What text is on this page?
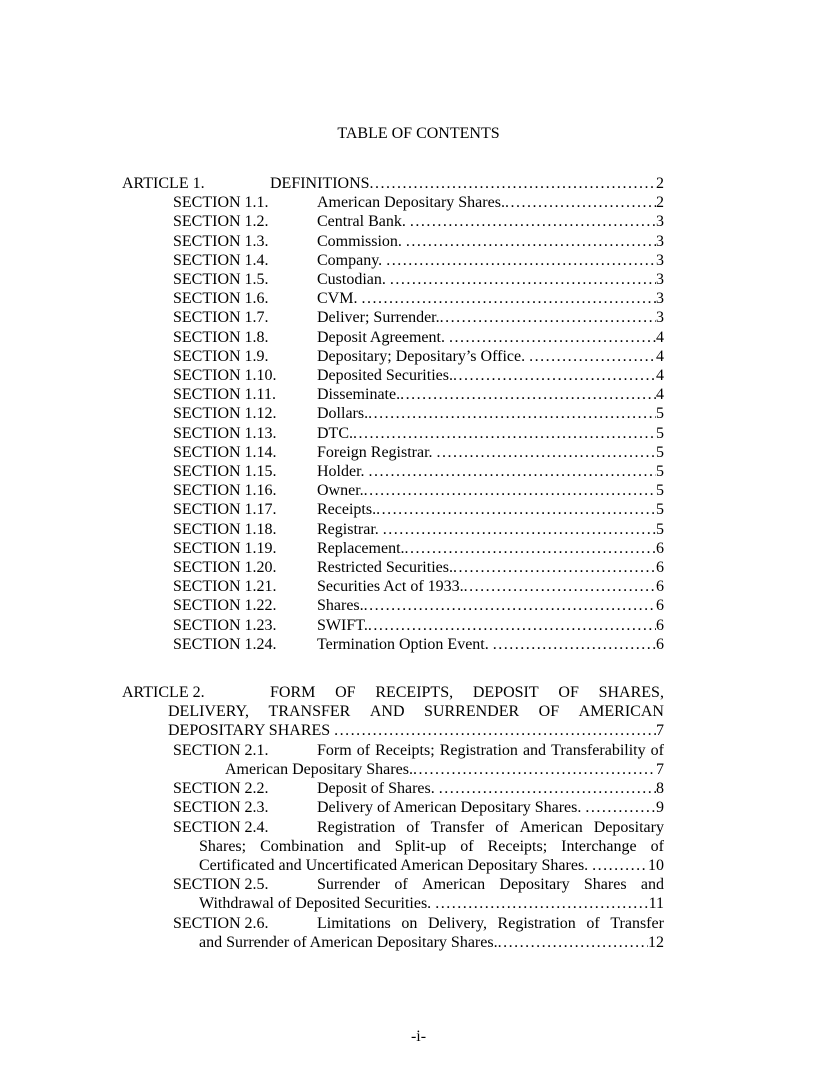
TABLE OF CONTENTS
ARTICLE 1.	DEFINITIONS .....	2
SECTION 1.1.	American Depositary Shares. .....	2
SECTION 1.2.	Central Bank. .....	3
SECTION 1.3.	Commission. .....	3
SECTION 1.4.	Company. .....	3
SECTION 1.5.	Custodian. .....	3
SECTION 1.6.	CVM. .....	3
SECTION 1.7.	Deliver; Surrender. .....	3
SECTION 1.8.	Deposit Agreement. .....	4
SECTION 1.9.	Depositary; Depositary’s Office. .....	4
SECTION 1.10.	Deposited Securities. .....	4
SECTION 1.11.	Disseminate. .....	4
SECTION 1.12.	Dollars. .....	5
SECTION 1.13.	DTC. .....	5
SECTION 1.14.	Foreign Registrar. .....	5
SECTION 1.15.	Holder. .....	5
SECTION 1.16.	Owner. .....	5
SECTION 1.17.	Receipts. .....	5
SECTION 1.18.	Registrar. .....	5
SECTION 1.19.	Replacement. .....	6
SECTION 1.20.	Restricted Securities. .....	6
SECTION 1.21.	Securities Act of 1933. .....	6
SECTION 1.22.	Shares. .....	6
SECTION 1.23.	SWIFT. .....	6
SECTION 1.24.	Termination Option Event. .....	6
ARTICLE 2.	FORM OF RECEIPTS, DEPOSIT OF SHARES,
DELIVERY, TRANSFER AND SURRENDER OF AMERICAN
DEPOSITARY SHARES .....	7
SECTION 2.1.	Form of Receipts; Registration and Transferability of
American Depositary Shares. .....	7
SECTION 2.2.	Deposit of Shares. .....	8
SECTION 2.3.	Delivery of American Depositary Shares. .....	9
SECTION 2.4.	Registration of Transfer of American Depositary
Shares; Combination and Split-up of Receipts; Interchange of
Certificated and Uncertificated American Depositary Shares. .....	10
SECTION 2.5.	Surrender of American Depositary Shares and
Withdrawal of Deposited Securities. .....	11
SECTION 2.6.	Limitations on Delivery, Registration of Transfer
and Surrender of American Depositary Shares. .....	12
-i-
